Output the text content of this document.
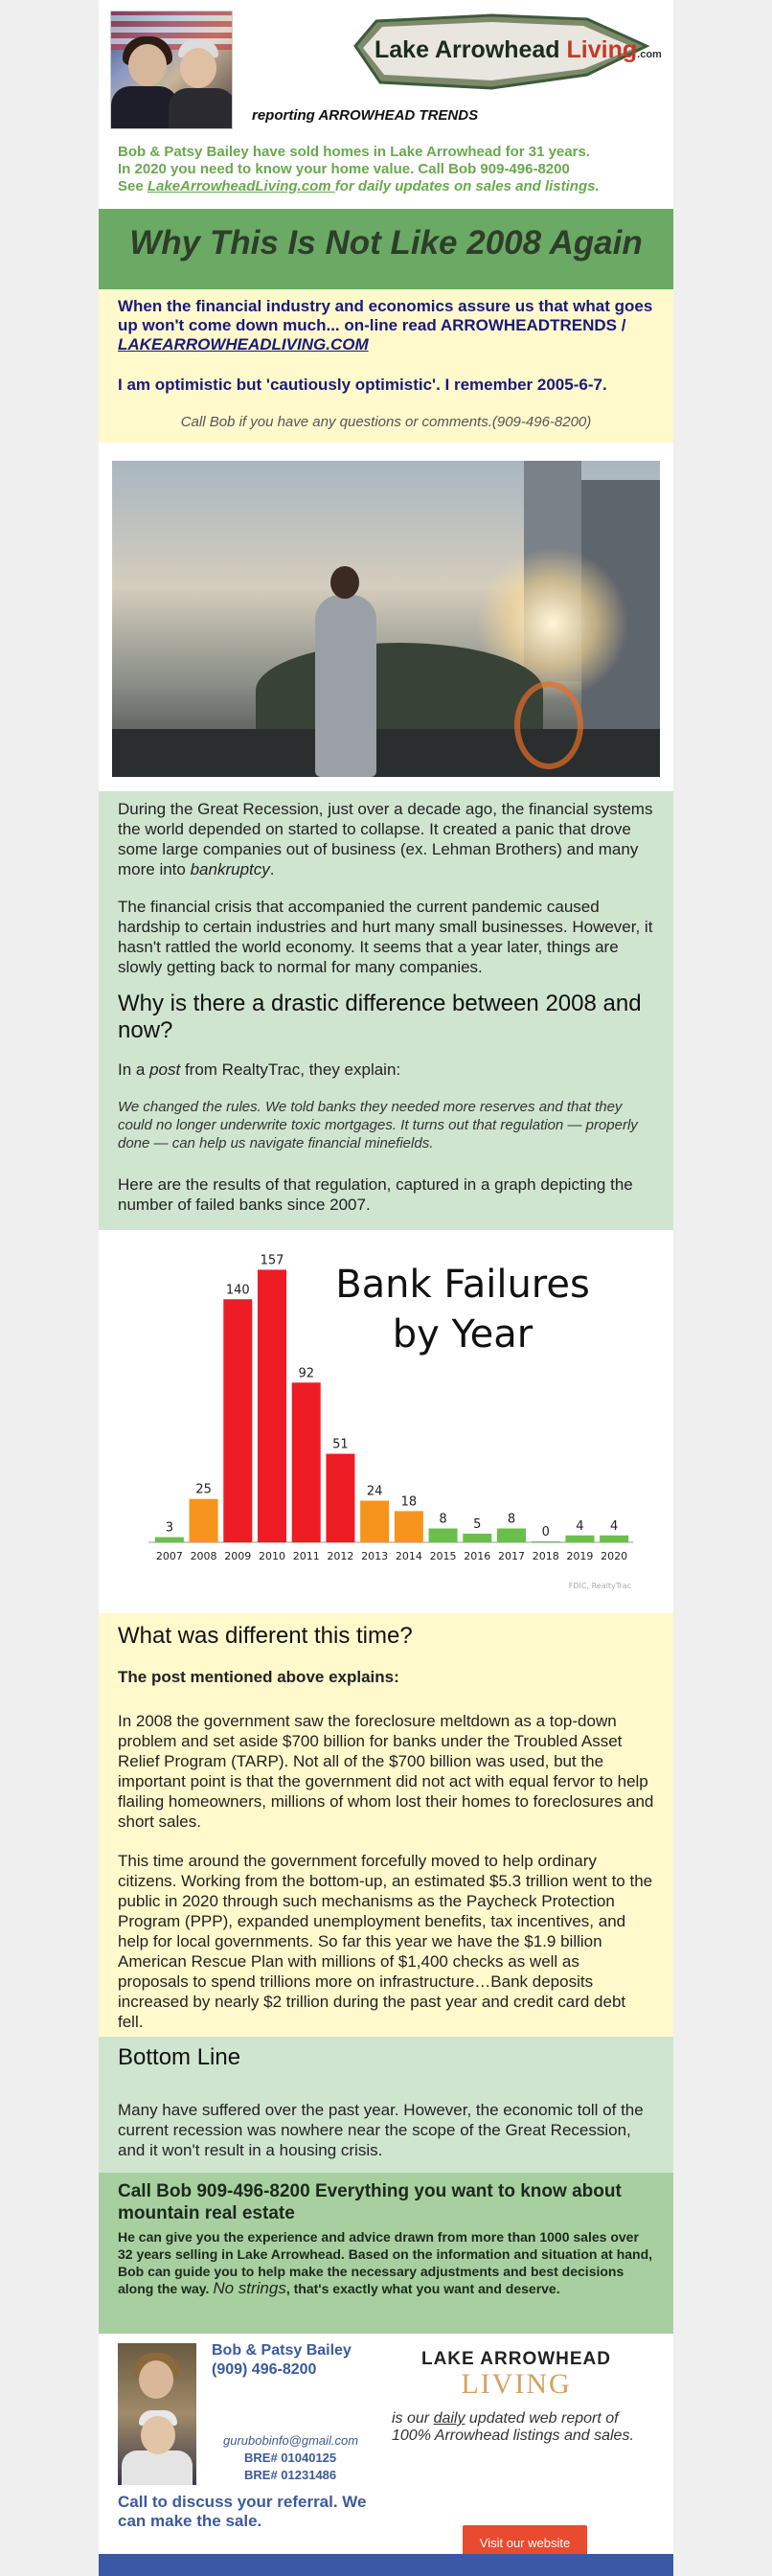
Lake Arrowhead Living.com
reporting ARROWHEAD TRENDS
Bob & Patsy Bailey have sold homes in Lake Arrowhead for 31 years.
In 2020 you need to know your home value. Call Bob 909-496-8200
See LakeArrowheadLiving.com for daily updates on sales and listings.
Why This Is Not Like 2008 Again
When the financial industry and economics assure us that what goes up won't come down much... on-line read ARROWHEADTRENDS / LAKEARROWHEADLIVING.COM
I am optimistic but 'cautiously optimistic'. I remember 2005-6-7.
Call Bob if you have any questions or comments.(909-496-8200)
During the Great Recession, just over a decade ago, the financial systems the world depended on started to collapse. It created a panic that drove some large companies out of business (ex. Lehman Brothers) and many more into bankruptcy.
The financial crisis that accompanied the current pandemic caused hardship to certain industries and hurt many small businesses. However, it hasn't rattled the world economy. It seems that a year later, things are slowly getting back to normal for many companies.
Why is there a drastic difference between 2008 and now?
In a post from RealtyTrac, they explain:
We changed the rules. We told banks they needed more reserves and that they could no longer underwrite toxic mortgages. It turns out that regulation — properly done — can help us navigate financial minefields.
Here are the results of that regulation, captured in a graph depicting the number of failed banks since 2007.
Bank Failures
by Year
3
2007
25
2008
140
2009
157
2010
92
2011
51
2012
24
2013
18
2014
8
2015
5
2016
8
2017
0
2018
4
2019
4
2020
FDIC, RealtyTrac
What was different this time?
The post mentioned above explains:
In 2008 the government saw the foreclosure meltdown as a top-down problem and set aside $700 billion for banks under the Troubled Asset Relief Program (TARP). Not all of the $700 billion was used, but the important point is that the government did not act with equal fervor to help flailing homeowners, millions of whom lost their homes to foreclosures and short sales.
This time around the government forcefully moved to help ordinary citizens. Working from the bottom-up, an estimated $5.3 trillion went to the public in 2020 through such mechanisms as the Paycheck Protection Program (PPP), expanded unemployment benefits, tax incentives, and help for local governments. So far this year we have the $1.9 billion American Rescue Plan with millions of $1,400 checks as well as proposals to spend trillions more on infrastructure…Bank deposits increased by nearly $2 trillion during the past year and credit card debt fell.
Bottom Line
Many have suffered over the past year. However, the economic toll of the current recession was nowhere near the scope of the Great Recession, and it won't result in a housing crisis.
Call Bob 909-496-8200 Everything you want to know about mountain real estate
He can give you the experience and advice drawn from more than 1000 sales over 32 years selling in Lake Arrowhead. Based on the information and situation at hand, Bob can guide you to help make the necessary adjustments and best decisions along the way. No strings, that's exactly what you want and deserve.
Bob & Patsy Bailey
(909) 496-8200
gurubobinfo@gmail.com
BRE# 01040125
BRE# 01231486
Call to discuss your referral. We can make the sale.
LAKE ARROWHEAD
LIVING
is our daily updated web report of 100% Arrowhead listings and sales.
Visit our website
